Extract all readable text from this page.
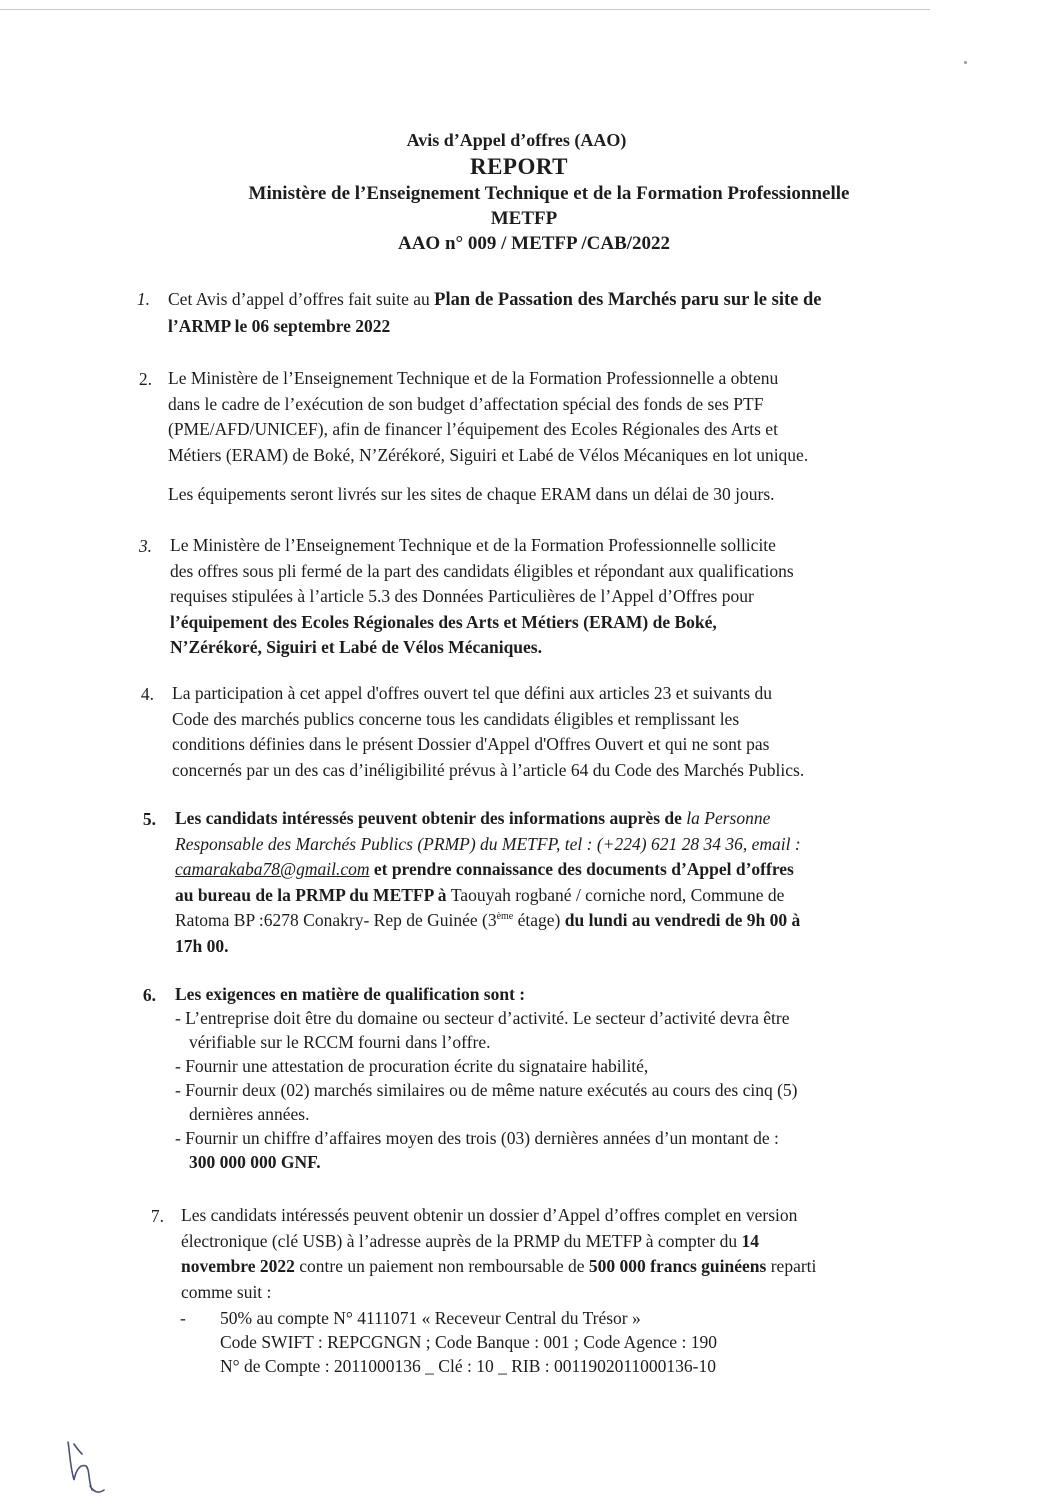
Avis d’Appel d’offres (AAO)
REPORT
Ministère de l’Enseignement Technique et de la Formation Professionnelle
METFP
AAO n° 009 / METFP /CAB/2022
1. Cet Avis d’appel d’offres fait suite au Plan de Passation des Marchés paru sur le site de
l’ARMP le 06 septembre 2022
2. Le Ministère de l’Enseignement Technique et de la Formation Professionnelle a obtenu
dans le cadre de l’exécution de son budget d’affectation spécial des fonds de ses PTF
(PME/AFD/UNICEF), afin de financer l’équipement des Ecoles Régionales des Arts et
Métiers (ERAM) de Boké, N’Zérékoré, Siguiri et Labé de Vélos Mécaniques en lot unique.
Les équipements seront livrés sur les sites de chaque ERAM dans un délai de 30 jours.
3. Le Ministère de l’Enseignement Technique et de la Formation Professionnelle sollicite
des offres sous pli fermé de la part des candidats éligibles et répondant aux qualifications
requises stipulées à l’article 5.3 des Données Particulières de l’Appel d’Offres pour
l’équipement des Ecoles Régionales des Arts et Métiers (ERAM) de Boké,
N’Zérékoré, Siguiri et Labé de Vélos Mécaniques.
4. La participation à cet appel d'offres ouvert tel que défini aux articles 23 et suivants du
Code des marchés publics concerne tous les candidats éligibles et remplissant les
conditions définies dans le présent Dossier d'Appel d'Offres Ouvert et qui ne sont pas
concernés par un des cas d’inéligibilité prévus à l’article 64 du Code des Marchés Publics.
5. Les candidats intéressés peuvent obtenir des informations auprès de la Personne
Responsable des Marchés Publics (PRMP) du METFP, tel : (+224) 621 28 34 36, email :
camarakaba78@gmail.com et prendre connaissance des documents d’Appel d’offres
au bureau de la PRMP du METFP à Taouyah rogbané / corniche nord, Commune de
Ratoma BP :6278 Conakry- Rep de Guinée (3ème étage) du lundi au vendredi de 9h 00 à
17h 00.
6. Les exigences en matière de qualification sont :
- L’entreprise doit être du domaine ou secteur d’activité. Le secteur d’activité devra être
vérifiable sur le RCCM fourni dans l’offre.
- Fournir une attestation de procuration écrite du signataire habilité,
- Fournir deux (02) marchés similaires ou de même nature exécutés au cours des cinq (5)
dernières années.
- Fournir un chiffre d’affaires moyen des trois (03) dernières années d’un montant de :
300 000 000 GNF.
7. Les candidats intéressés peuvent obtenir un dossier d’Appel d’offres complet en version
électronique (clé USB) à l’adresse auprès de la PRMP du METFP à compter du 14
novembre 2022 contre un paiement non remboursable de 500 000 francs guinéens reparti
comme suit :
- 50% au compte N° 4111071 « Receveur Central du Trésor »
Code SWIFT : REPCGNGN ; Code Banque : 001 ; Code Agence : 190
N° de Compte : 2011000136 _ Clé : 10 _ RIB : 0011902011000136-10
